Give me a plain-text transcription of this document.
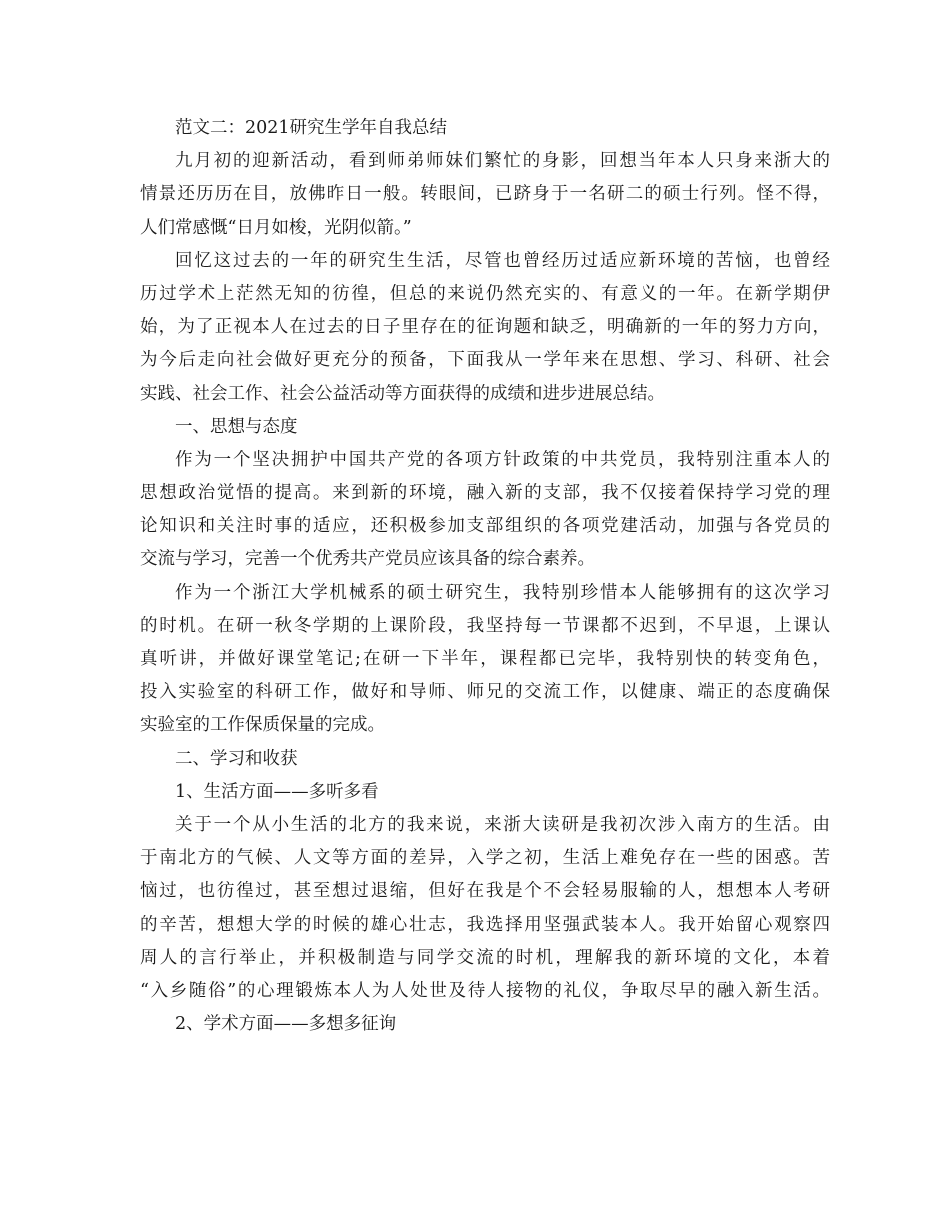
范文二：2021研究生学年自我总结
九月初的迎新活动，看到师弟师妹们繁忙的身影，回想当年本人只身来浙大的
情景还历历在目，放佛昨日一般。转眼间，已跻身于一名研二的硕士行列。怪不得，
人们常感慨“日月如梭，光阴似箭。”
回忆这过去的一年的研究生生活，尽管也曾经历过适应新环境的苦恼，也曾经
历过学术上茫然无知的彷徨，但总的来说仍然充实的、有意义的一年。在新学期伊
始，为了正视本人在过去的日子里存在的征询题和缺乏，明确新的一年的努力方向，
为今后走向社会做好更充分的预备，下面我从一学年来在思想、学习、科研、社会
实践、社会工作、社会公益活动等方面获得的成绩和进步进展总结。
一、思想与态度
作为一个坚决拥护中国共产党的各项方针政策的中共党员，我特别注重本人的
思想政治觉悟的提高。来到新的环境，融入新的支部，我不仅接着保持学习党的理
论知识和关注时事的适应，还积极参加支部组织的各项党建活动，加强与各党员的
交流与学习，完善一个优秀共产党员应该具备的综合素养。
作为一个浙江大学机械系的硕士研究生，我特别珍惜本人能够拥有的这次学习
的时机。在研一秋冬学期的上课阶段，我坚持每一节课都不迟到，不早退，上课认
真听讲，并做好课堂笔记;在研一下半年，课程都已完毕，我特别快的转变角色，
投入实验室的科研工作，做好和导师、师兄的交流工作，以健康、端正的态度确保
实验室的工作保质保量的完成。
二、学习和收获
1、生活方面——多听多看
关于一个从小生活的北方的我来说，来浙大读研是我初次涉入南方的生活。由
于南北方的气候、人文等方面的差异，入学之初，生活上难免存在一些的困惑。苦
恼过，也彷徨过，甚至想过退缩，但好在我是个不会轻易服输的人，想想本人考研
的辛苦，想想大学的时候的雄心壮志，我选择用坚强武装本人。我开始留心观察四
周人的言行举止，并积极制造与同学交流的时机，理解我的新环境的文化，本着
“入乡随俗”的心理锻炼本人为人处世及待人接物的礼仪，争取尽早的融入新生活。
2、学术方面——多想多征询
